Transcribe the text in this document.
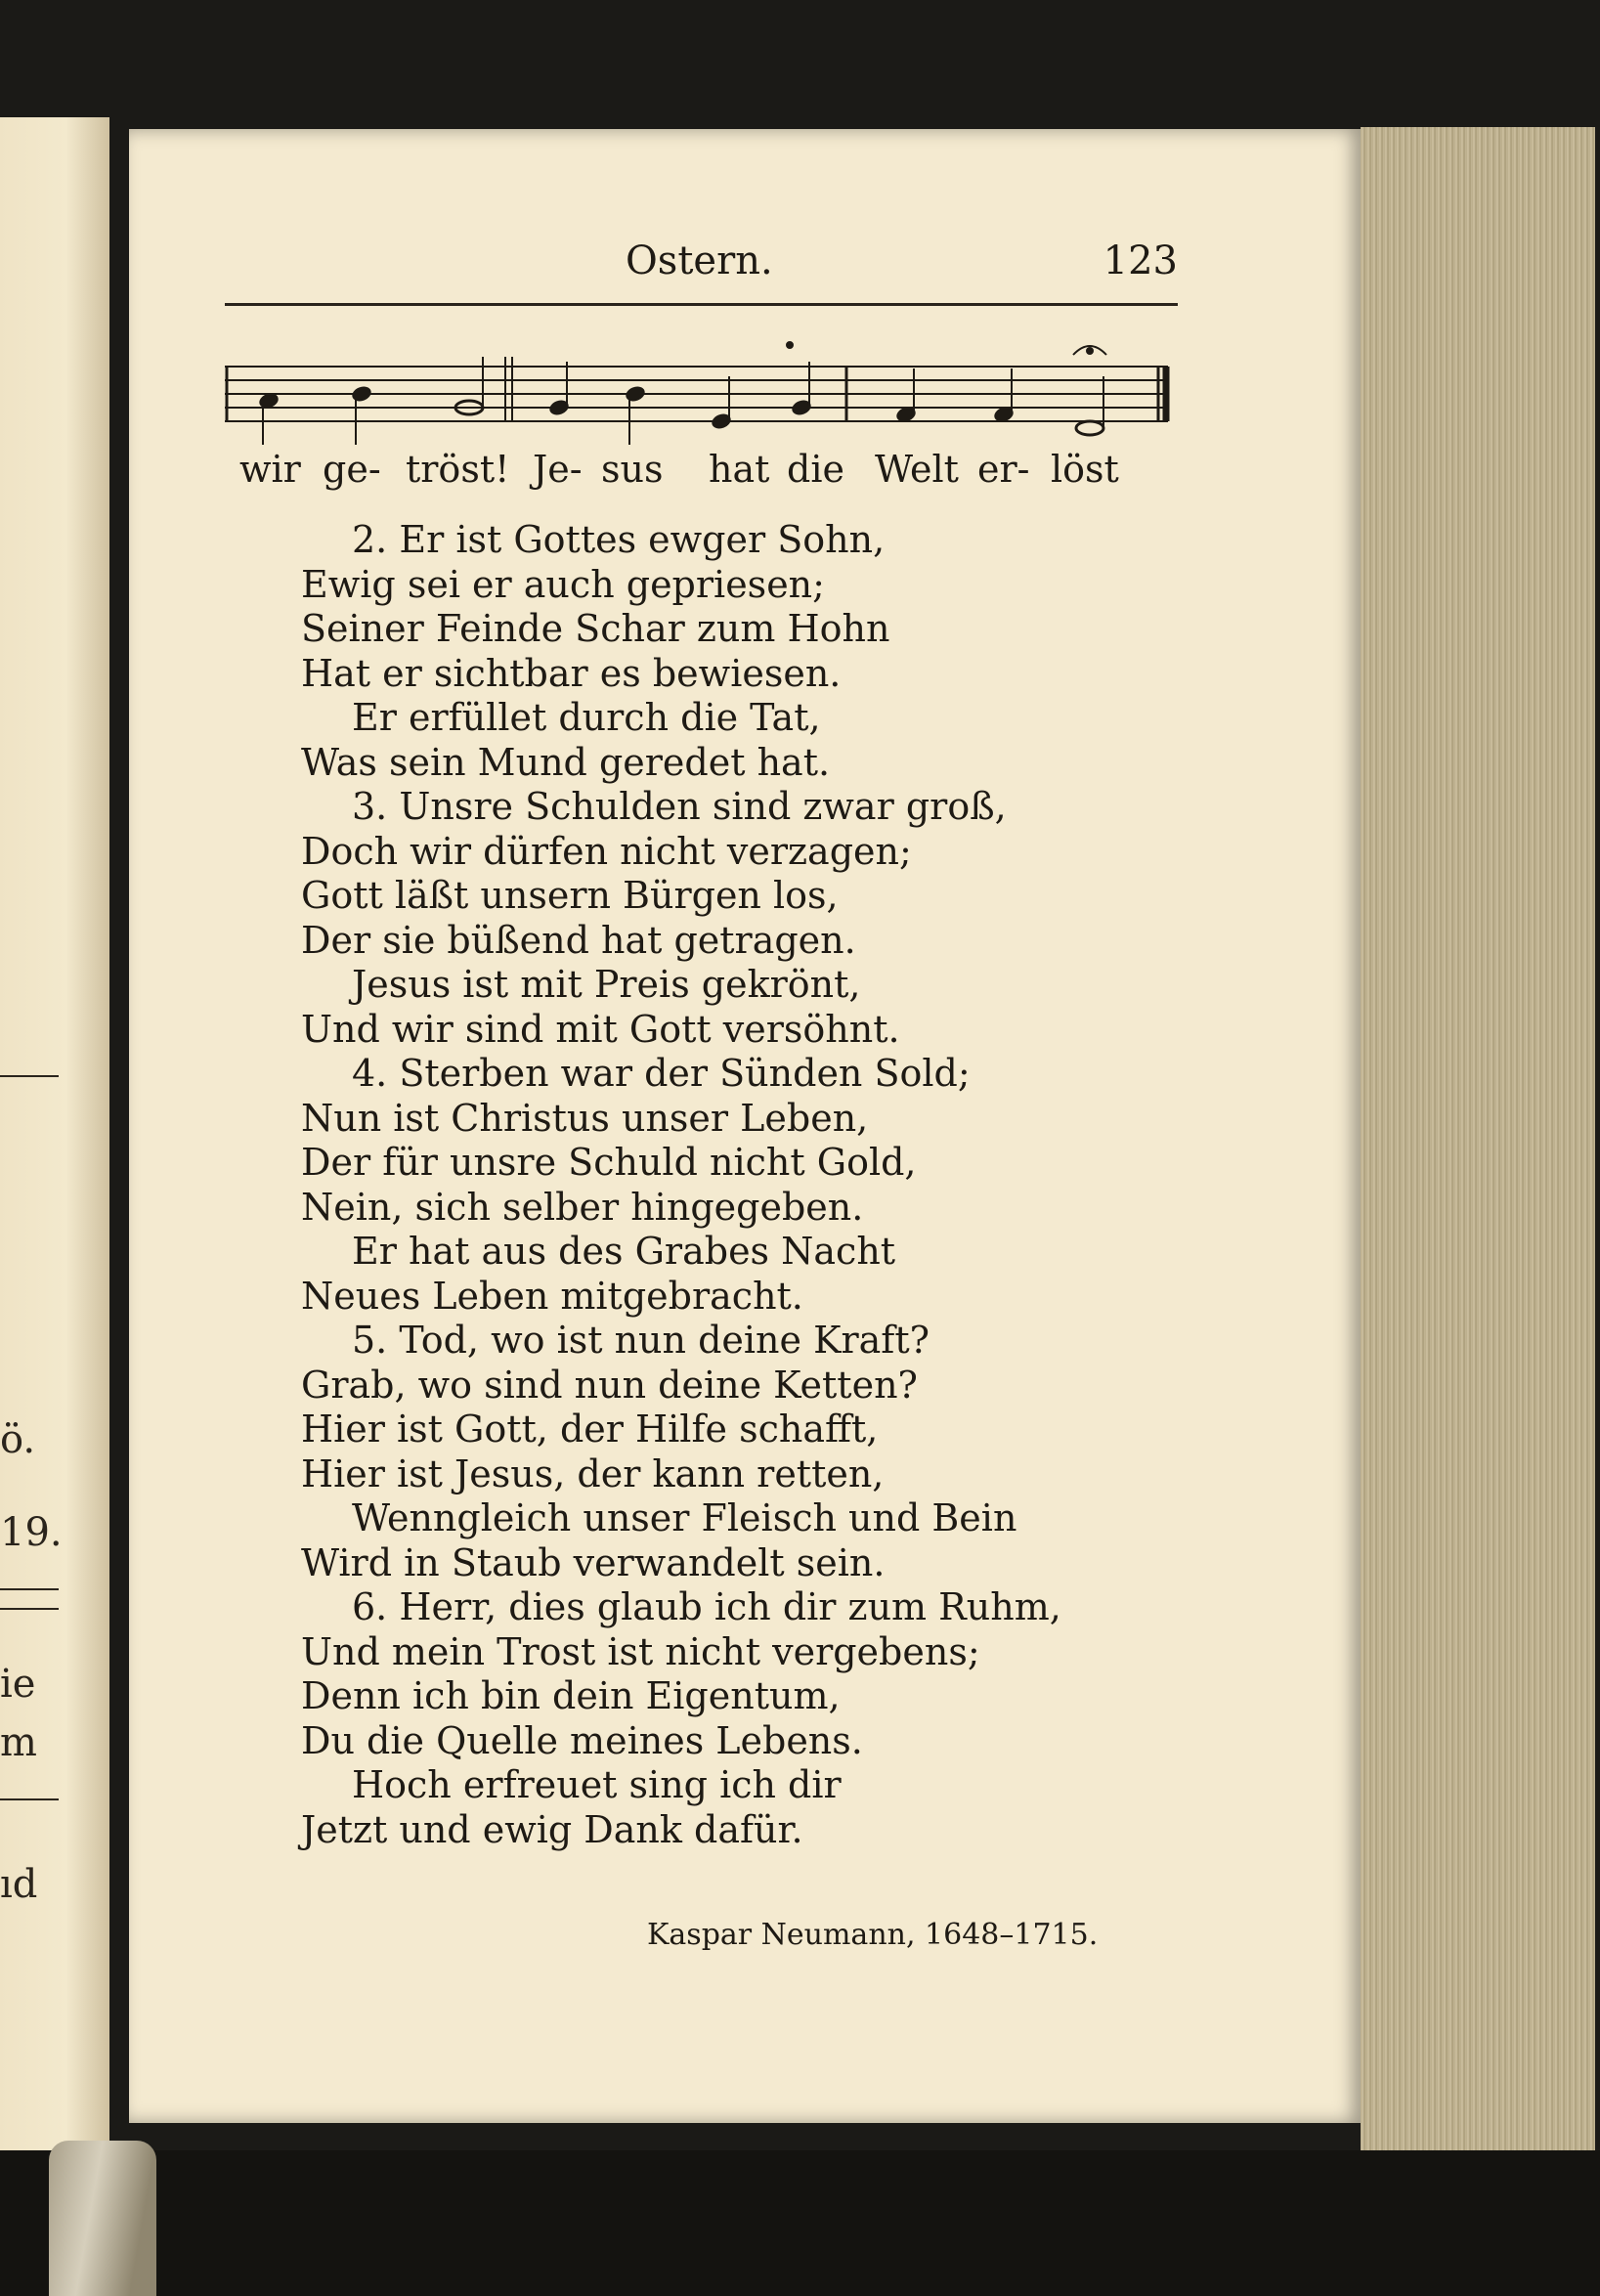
ö.
19.
ie
m
ıd
Ostern.	123
wir ge- tröst! Je- sus hat die Welt er- löst
2. Er ist Gottes ewger Sohn,
Ewig sei er auch gepriesen;
Seiner Feinde Schar zum Hohn
Hat er sichtbar es bewiesen.
Er erfüllet durch die Tat,
Was sein Mund geredet hat.
3. Unsre Schulden sind zwar groß,
Doch wir dürfen nicht verzagen;
Gott läßt unsern Bürgen los,
Der sie büßend hat getragen.
Jesus ist mit Preis gekrönt,
Und wir sind mit Gott versöhnt.
4. Sterben war der Sünden Sold;
Nun ist Christus unser Leben,
Der für unsre Schuld nicht Gold,
Nein, sich selber hingegeben.
Er hat aus des Grabes Nacht
Neues Leben mitgebracht.
5. Tod, wo ist nun deine Kraft?
Grab, wo sind nun deine Ketten?
Hier ist Gott, der Hilfe schafft,
Hier ist Jesus, der kann retten,
Wenngleich unser Fleisch und Bein
Wird in Staub verwandelt sein.
6. Herr, dies glaub ich dir zum Ruhm,
Und mein Trost ist nicht vergebens;
Denn ich bin dein Eigentum,
Du die Quelle meines Lebens.
Hoch erfreuet sing ich dir
Jetzt und ewig Dank dafür.
Kaspar Neumann, 1648–1715.
